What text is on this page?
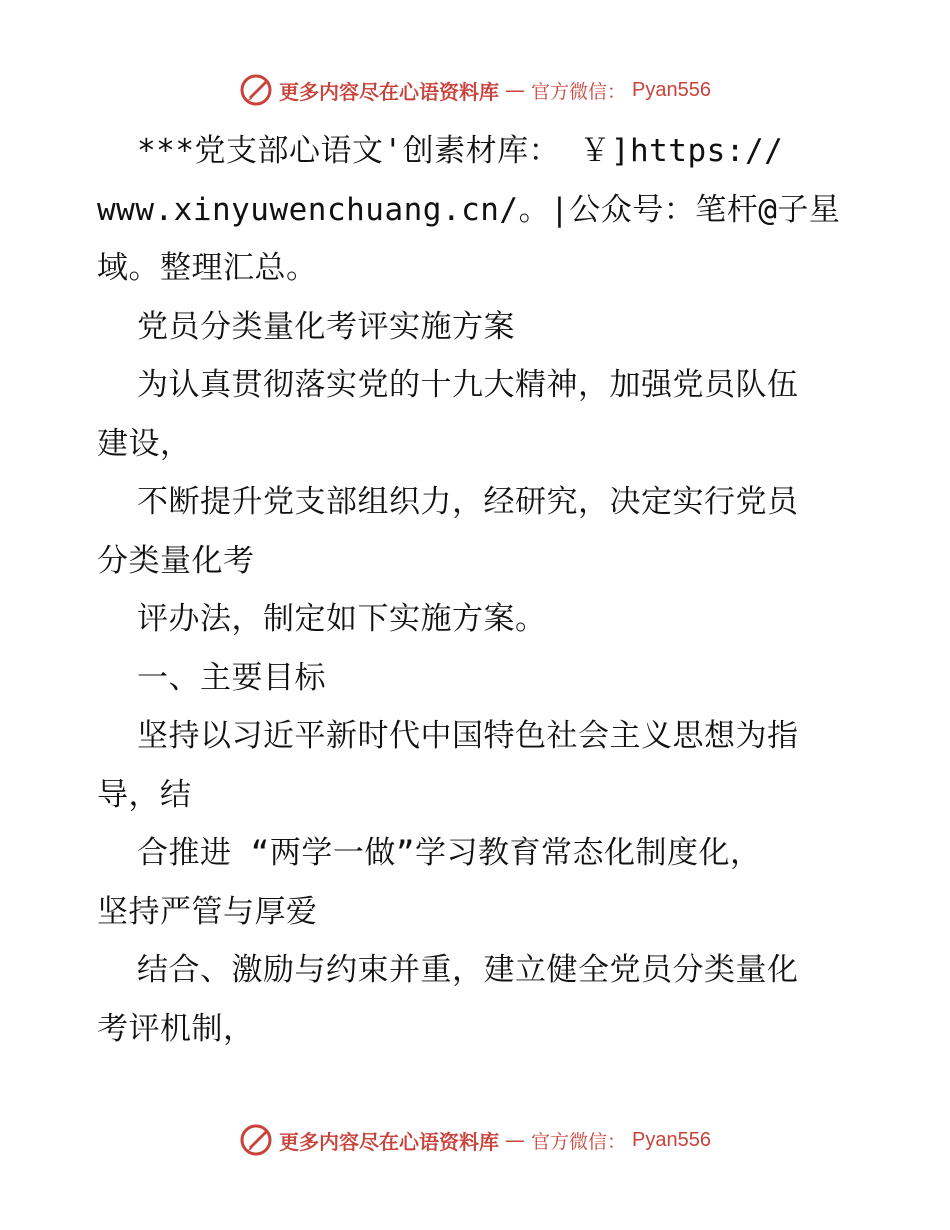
更多内容尽在心语资料库 — 官方微信： Pyan556
***党支部心语文'创素材库： ￥]https://
www.xinyuwenchuang.cn/。|公众号：笔杆@子星
域。整理汇总。
党员分类量化考评实施方案
为认真贯彻落实党的十九大精神，加强党员队伍
建设，
不断提升党支部组织力，经研究，决定实行党员
分类量化考
评办法，制定如下实施方案。
一、主要目标
坚持以习近平新时代中国特色社会主义思想为指
导，结
合推进 “两学一做”学习教育常态化制度化，
坚持严管与厚爱
结合、激励与约束并重，建立健全党员分类量化
考评机制，
更多内容尽在心语资料库 — 官方微信： Pyan556
